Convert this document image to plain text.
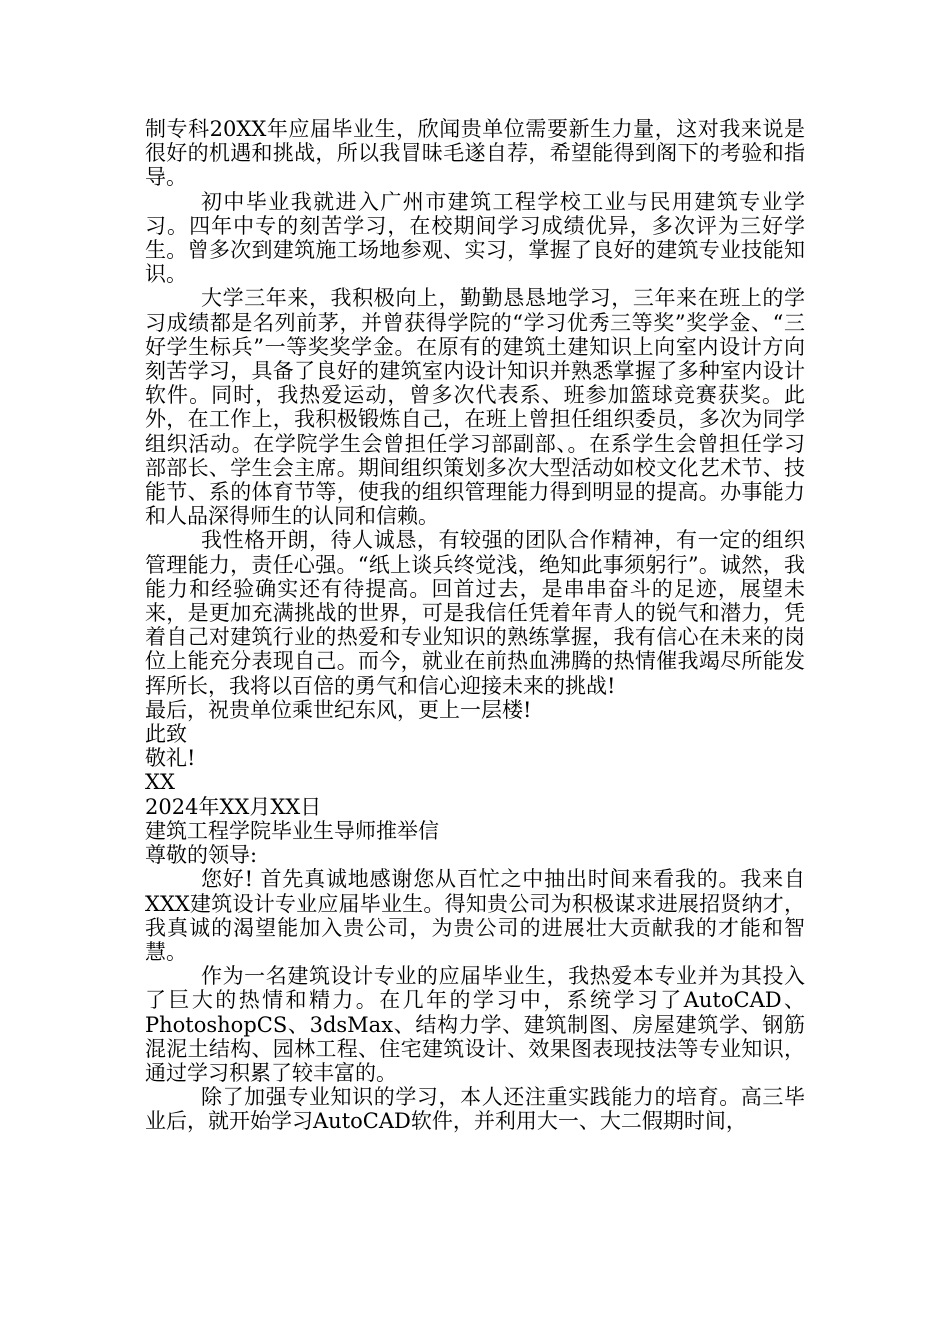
制专科20XX年应届毕业生，欣闻贵单位需要新生力量，这对我来说是很好的机遇和挑战，所以我冒昧毛遂自荐，希望能得到阁下的考验和指导。

初中毕业我就进入广州市建筑工程学校工业与民用建筑专业学习。四年中专的刻苦学习，在校期间学习成绩优异，多次评为三好学生。曾多次到建筑施工场地参观、实习，掌握了良好的建筑专业技能知识。

大学三年来，我积极向上，勤勤恳恳地学习，三年来在班上的学习成绩都是名列前茅，并曾获得学院的“学习优秀三等奖”奖学金、“三好学生标兵”一等奖奖学金。在原有的建筑土建知识上向室内设计方向刻苦学习，具备了良好的建筑室内设计知识并熟悉掌握了多种室内设计软件。同时，我热爱运动，曾多次代表系、班参加篮球竞赛获奖。此外，在工作上，我积极锻炼自己，在班上曾担任组织委员，多次为同学组织活动。在学院学生会曾担任学习部副部、。在系学生会曾担任学习部部长、学生会主席。期间组织策划多次大型活动如校文化艺术节、技能节、系的体育节等，使我的组织管理能力得到明显的提高。办事能力和人品深得师生的认同和信赖。

我性格开朗，待人诚恳，有较强的团队合作精神，有一定的组织管理能力，责任心强。“纸上谈兵终觉浅，绝知此事须躬行”。诚然，我能力和经验确实还有待提高。回首过去，是串串奋斗的足迹，展望未来，是更加充满挑战的世界，可是我信任凭着年青人的锐气和潜力，凭着自己对建筑行业的热爱和专业知识的熟练掌握，我有信心在未来的岗位上能充分表现自己。而今，就业在前热血沸腾的热情催我竭尽所能发挥所长，我将以百倍的勇气和信心迎接未来的挑战!

最后，祝贵单位乘世纪东风，更上一层楼!

此致

敬礼!

XX

2024年XX月XX日

建筑工程学院毕业生导师推举信

尊敬的领导:

您好! 首先真诚地感谢您从百忙之中抽出时间来看我的。我来自XXX建筑设计专业应届毕业生。得知贵公司为积极谋求进展招贤纳才，我真诚的渴望能加入贵公司，为贵公司的进展壮大贡献我的才能和智慧。

作为一名建筑设计专业的应届毕业生，我热爱本专业并为其投入了巨大的热情和精力。在几年的学习中，系统学习了AutoCAD、PhotoshopCS、3dsMax、结构力学、建筑制图、房屋建筑学、钢筋混泥土结构、园林工程、住宅建筑设计、效果图表现技法等专业知识，通过学习积累了较丰富的。

除了加强专业知识的学习，本人还注重实践能力的培育。高三毕业后，就开始学习AutoCAD软件，并利用大一、大二假期时间，
